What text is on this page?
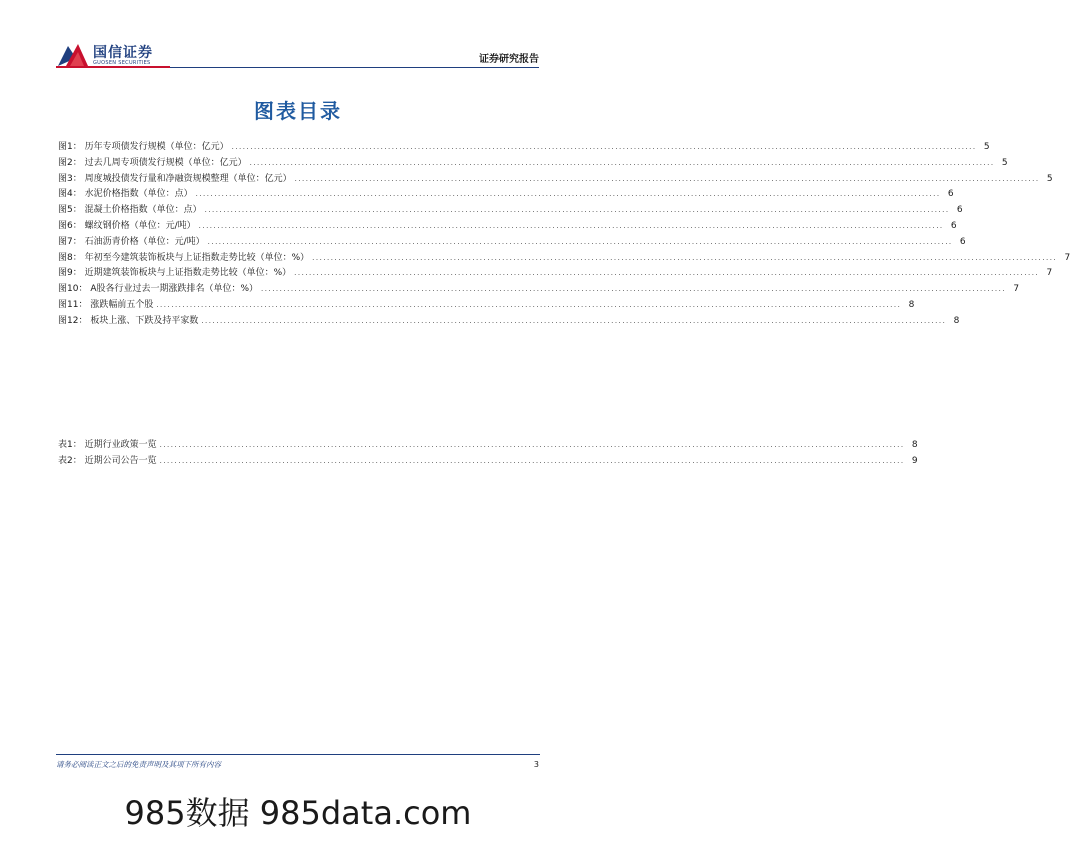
国信证券
GUOSEN SECURITIES	证券研究报告
图表目录
图1： 历年专项债发行规模（单位：亿元） ........................................................................................................................................................................................................ 5
图2： 过去几周专项债发行规模（单位：亿元） ........................................................................................................................................................................................................ 5
图3： 周度城投债发行量和净融资规模整理（单位：亿元） ........................................................................................................................................................................................................ 5
图4： 水泥价格指数（单位：点） ........................................................................................................................................................................................................ 6
图5： 混凝土价格指数（单位：点） ........................................................................................................................................................................................................ 6
图6： 螺纹钢价格（单位：元/吨） ........................................................................................................................................................................................................ 6
图7： 石油沥青价格（单位：元/吨） ........................................................................................................................................................................................................ 6
图8： 年初至今建筑装饰板块与上证指数走势比较（单位：%） ........................................................................................................................................................................................................ 7
图9： 近期建筑装饰板块与上证指数走势比较（单位：%） ........................................................................................................................................................................................................ 7
图10： A股各行业过去一期涨跌排名（单位：%） ........................................................................................................................................................................................................ 7
图11： 涨跌幅前五个股 ........................................................................................................................................................................................................ 8
图12： 板块上涨、下跌及持平家数 ........................................................................................................................................................................................................ 8
表1： 近期行业政策一览 ........................................................................................................................................................................................................ 8
表2： 近期公司公告一览 ........................................................................................................................................................................................................ 9
请务必阅读正文之后的免责声明及其项下所有内容	3
985数据 985data.com
